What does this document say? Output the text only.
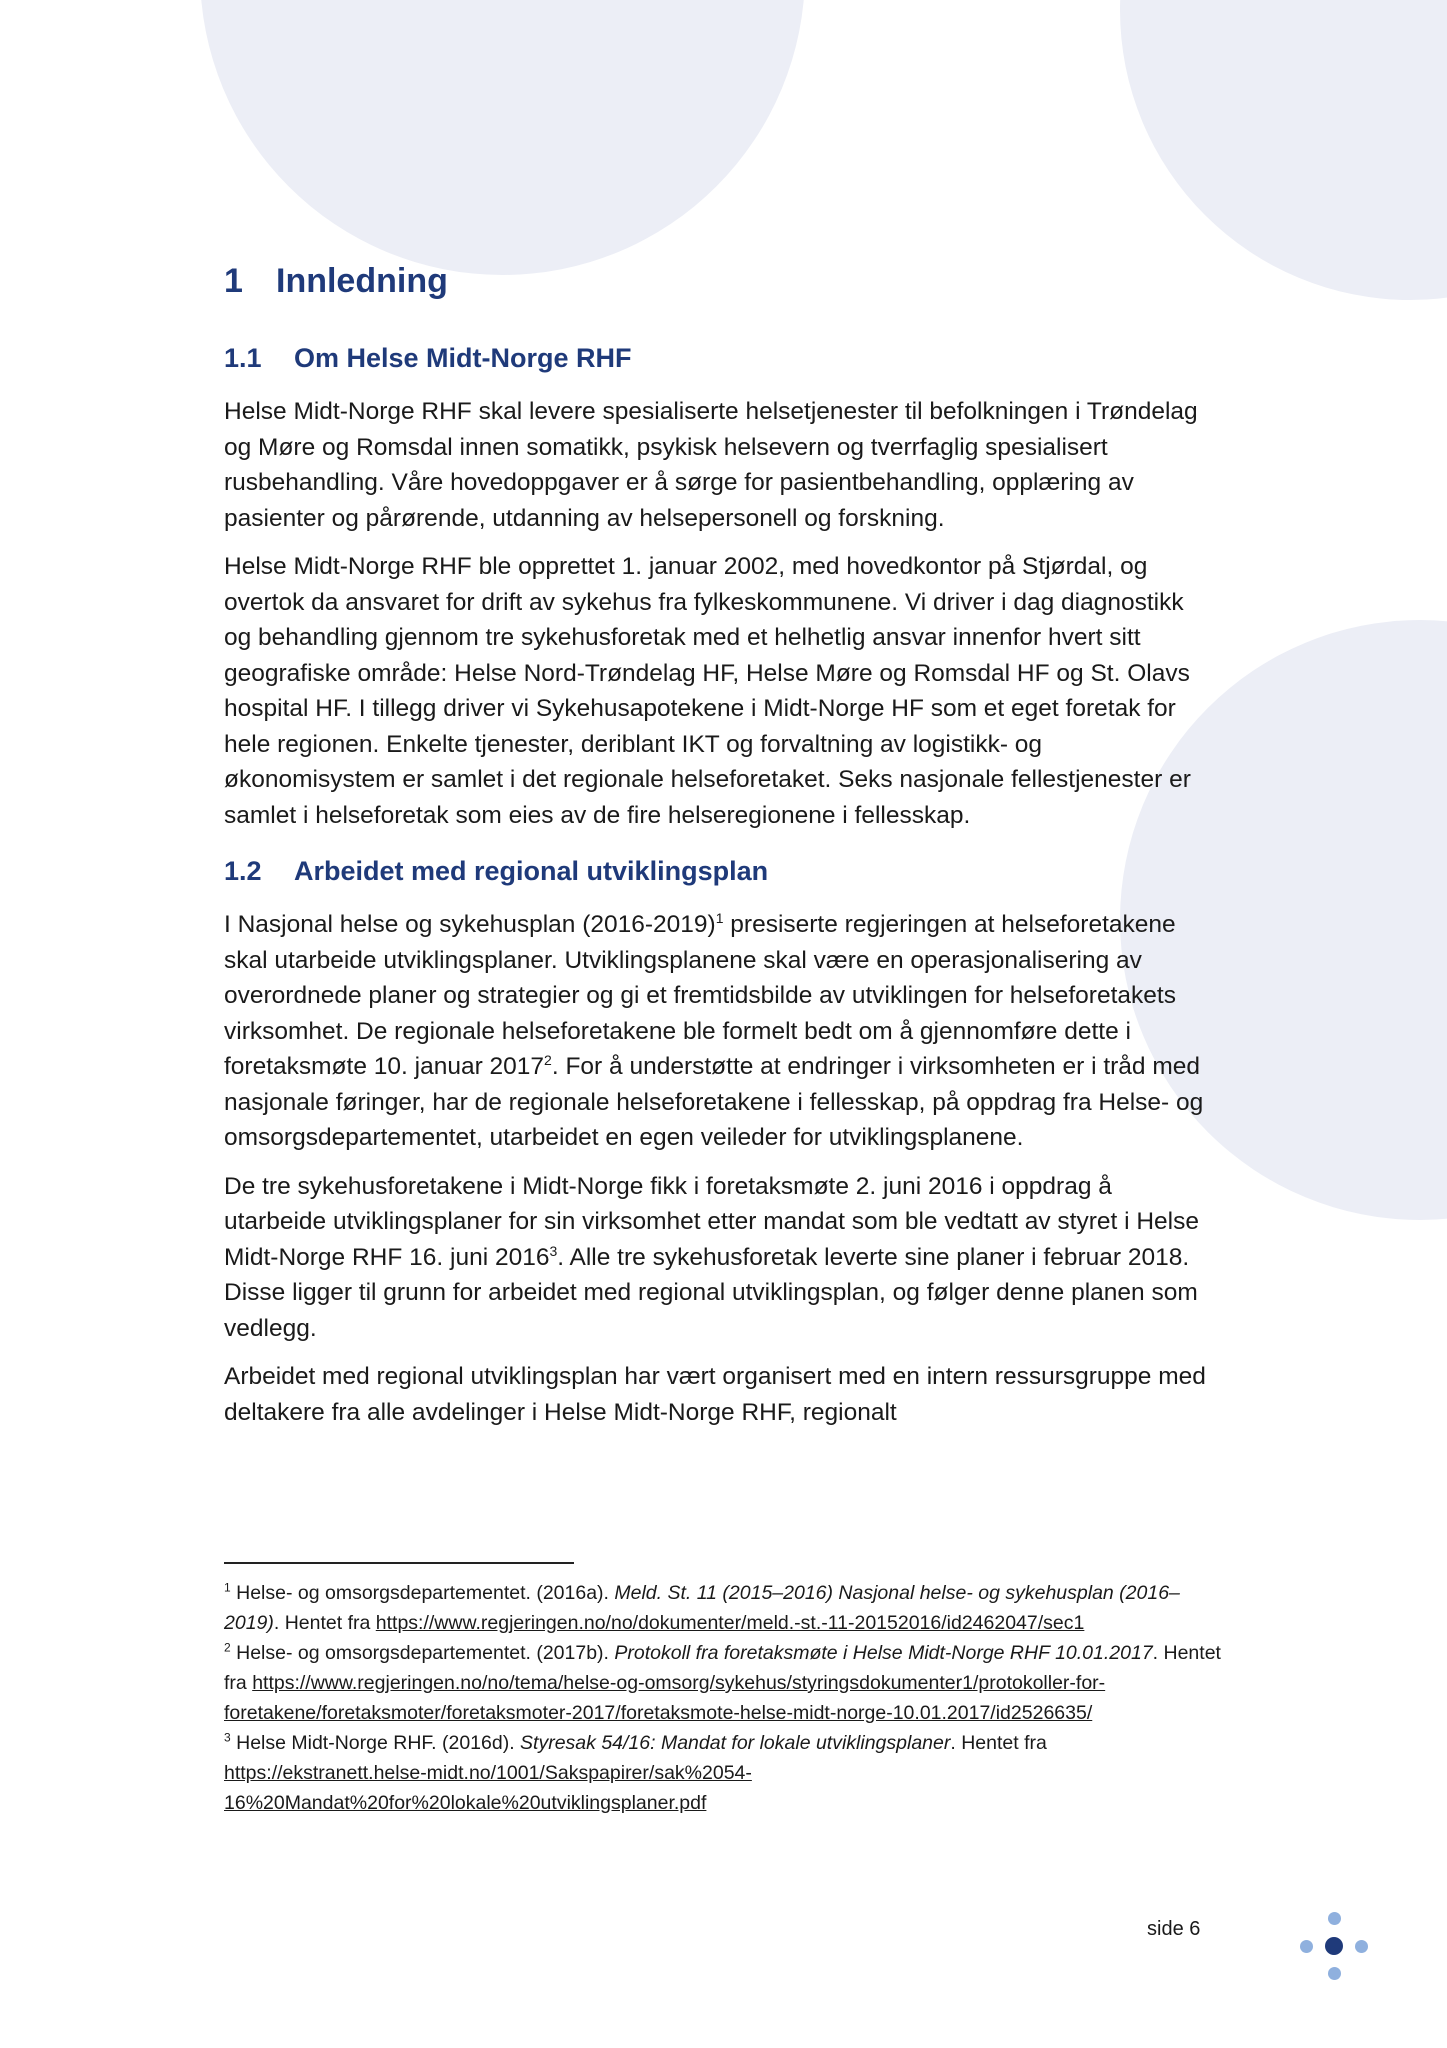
1 Innledning
1.1	Om Helse Midt-Norge RHF

Helse Midt-Norge RHF skal levere spesialiserte helsetjenester til befolkningen i Trøndelag og Møre og Romsdal innen somatikk, psykisk helsevern og tverrfaglig spesialisert rusbehandling. Våre hovedoppgaver er å sørge for pasientbehandling, opplæring av pasienter og pårørende, utdanning av helsepersonell og forskning.

Helse Midt-Norge RHF ble opprettet 1. januar 2002, med hovedkontor på Stjørdal, og overtok da ansvaret for drift av sykehus fra fylkeskommunene. Vi driver i dag diagnostikk og behandling gjennom tre sykehusforetak med et helhetlig ansvar innenfor hvert sitt geografiske område: Helse Nord-Trøndelag HF, Helse Møre og Romsdal HF og St. Olavs hospital HF. I tillegg driver vi Sykehusapotekene i Midt-Norge HF som et eget foretak for hele regionen. Enkelte tjenester, deriblant IKT og forvaltning av logistikk- og økonomisystem er samlet i det regionale helseforetaket. Seks nasjonale fellestjenester er samlet i helseforetak som eies av de fire helseregionene i fellesskap.

1.2	Arbeidet med regional utviklingsplan

I Nasjonal helse og sykehusplan (2016-2019)$^1$ presiserte regjeringen at helseforetakene skal utarbeide utviklingsplaner. Utviklingsplanene skal være en operasjonalisering av overordnede planer og strategier og gi et fremtidsbilde av utviklingen for helseforetakets virksomhet. De regionale helseforetakene ble formelt bedt om å gjennomføre dette i foretaksmøte 10. januar 2017$^2$. For å understøtte at endringer i virksomheten er i tråd med nasjonale føringer, har de regionale helseforetakene i fellesskap, på oppdrag fra Helse- og omsorgsdepartementet, utarbeidet en egen veileder for utviklingsplanene.

De tre sykehusforetakene i Midt-Norge fikk i foretaksmøte 2. juni 2016 i oppdrag å utarbeide utviklingsplaner for sin virksomhet etter mandat som ble vedtatt av styret i Helse Midt-Norge RHF 16. juni 2016$^3$. Alle tre sykehusforetak leverte sine planer i februar 2018. Disse ligger til grunn for arbeidet med regional utviklingsplan, og følger denne planen som vedlegg.

Arbeidet med regional utviklingsplan har vært organisert med en intern ressursgruppe med deltakere fra alle avdelinger i Helse Midt-Norge RHF, regionalt

$^1$ Helse- og omsorgsdepartementet. (2016a). Meld. St. 11 (2015–2016) Nasjonal helse- og sykehusplan (2016–2019). Hentet fra https://www.regjeringen.no/no/dokumenter/meld.-st.-11-20152016/id2462047/sec1

$^2$ Helse- og omsorgsdepartementet. (2017b). Protokoll fra foretaksmøte i Helse Midt-Norge RHF 10.01.2017. Hentet fra https://www.regjeringen.no/no/tema/helse-og-omsorg/sykehus/styringsdokumenter1/protokoller-for-foretakene/foretaksmoter/foretaksmoter-2017/foretaksmote-helse-midt-norge-10.01.2017/id2526635/

$^3$ Helse Midt-Norge RHF. (2016d). Styresak 54/16: Mandat for lokale utviklingsplaner. Hentet fra https://ekstranett.helse-midt.no/1001/Sakspapirer/sak%2054-16%20Mandat%20for%20lokale%20utviklingsplaner.pdf

side 6
